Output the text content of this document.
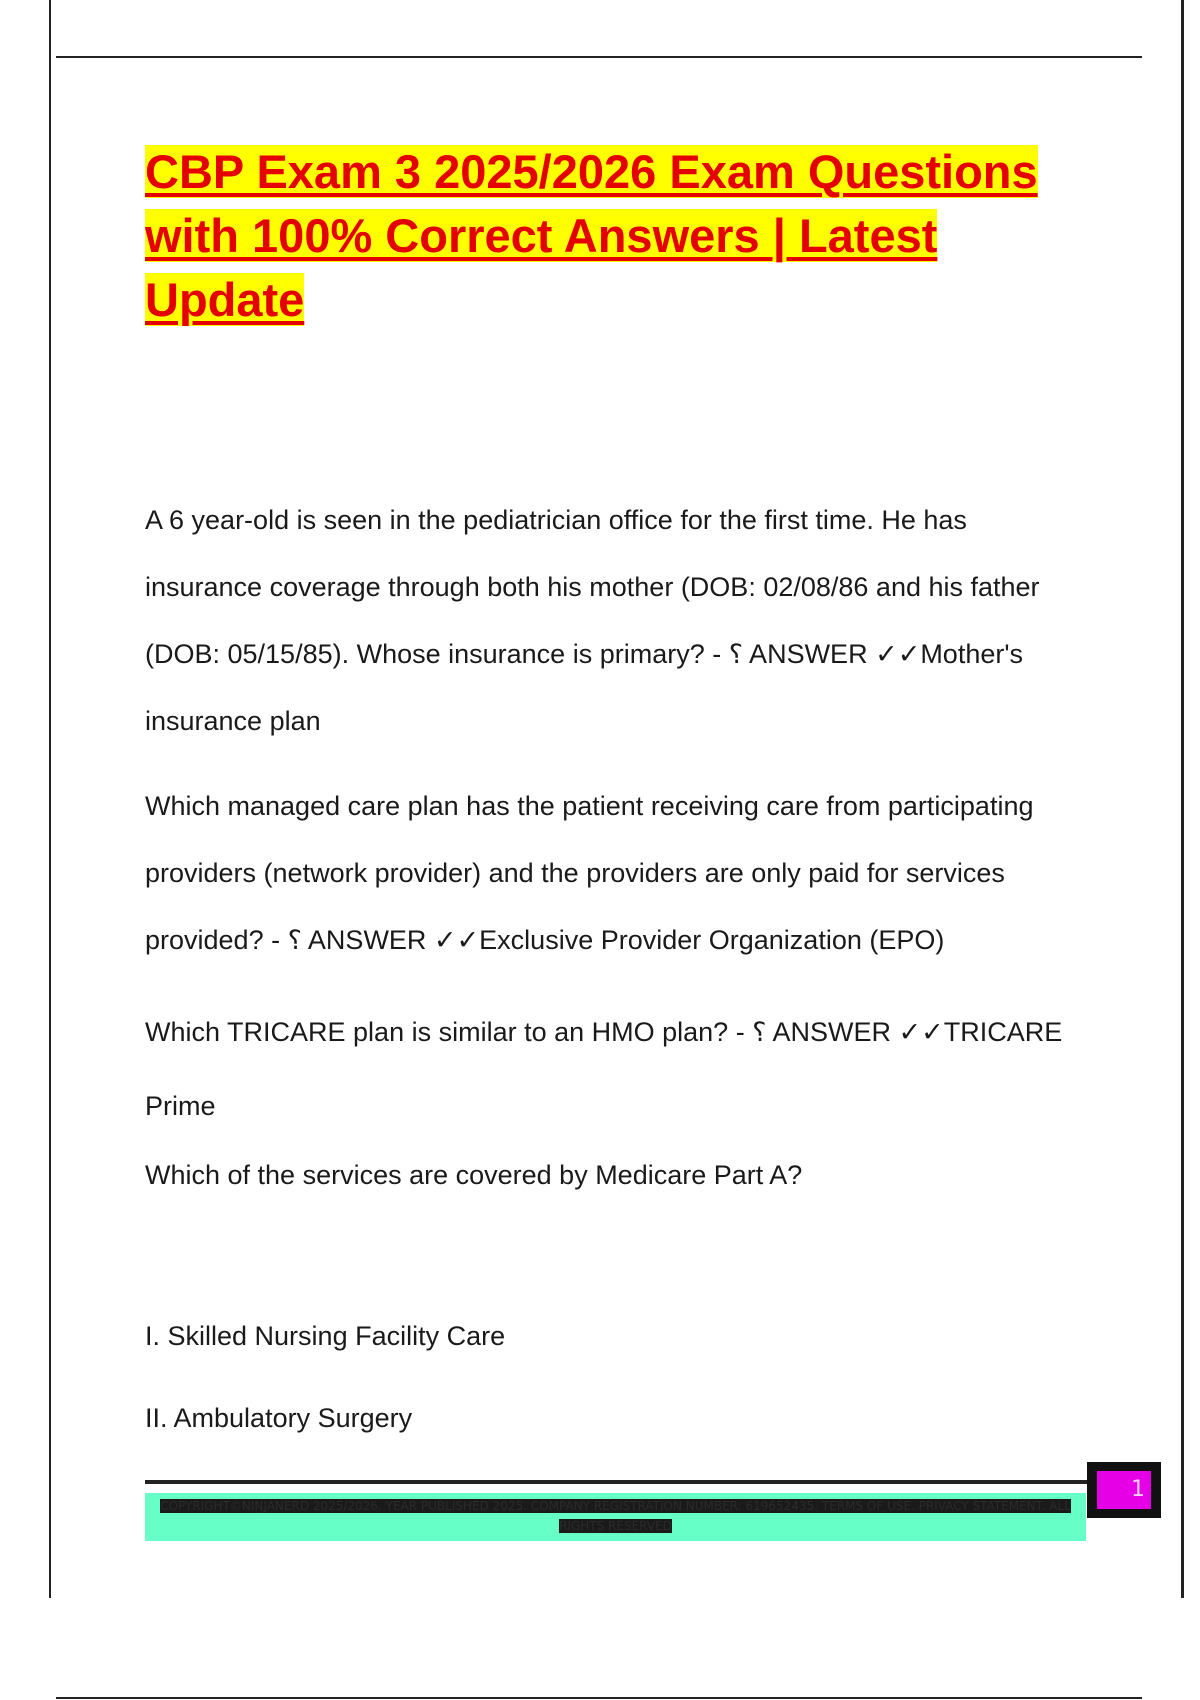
CBP Exam 3 2025/2026 Exam Questions with 100% Correct Answers | Latest Update

A 6 year-old is seen in the pediatrician office for the first time. He has insurance coverage through both his mother (DOB: 02/08/86 and his father (DOB: 05/15/85). Whose insurance is primary? - ⸮ ANSWER ✓✓Mother's insurance plan

Which managed care plan has the patient receiving care from participating providers (network provider) and the providers are only paid for services provided? - ⸮ ANSWER ✓✓Exclusive Provider Organization (EPO)

Which TRICARE plan is similar to an HMO plan? - ⸮ ANSWER ✓✓TRICARE Prime

Which of the services are covered by Medicare Part A?

I. Skilled Nursing Facility Care

II. Ambulatory Surgery

COPYRIGHT©NINJANERD 2025/2026. YEAR PUBLISHED 2025. COMPANY REGISTRATION NUMBER: 619652435. TERMS OF USE. PRIVACY STATEMENT. ALL RIGHTS RESERVED
1
